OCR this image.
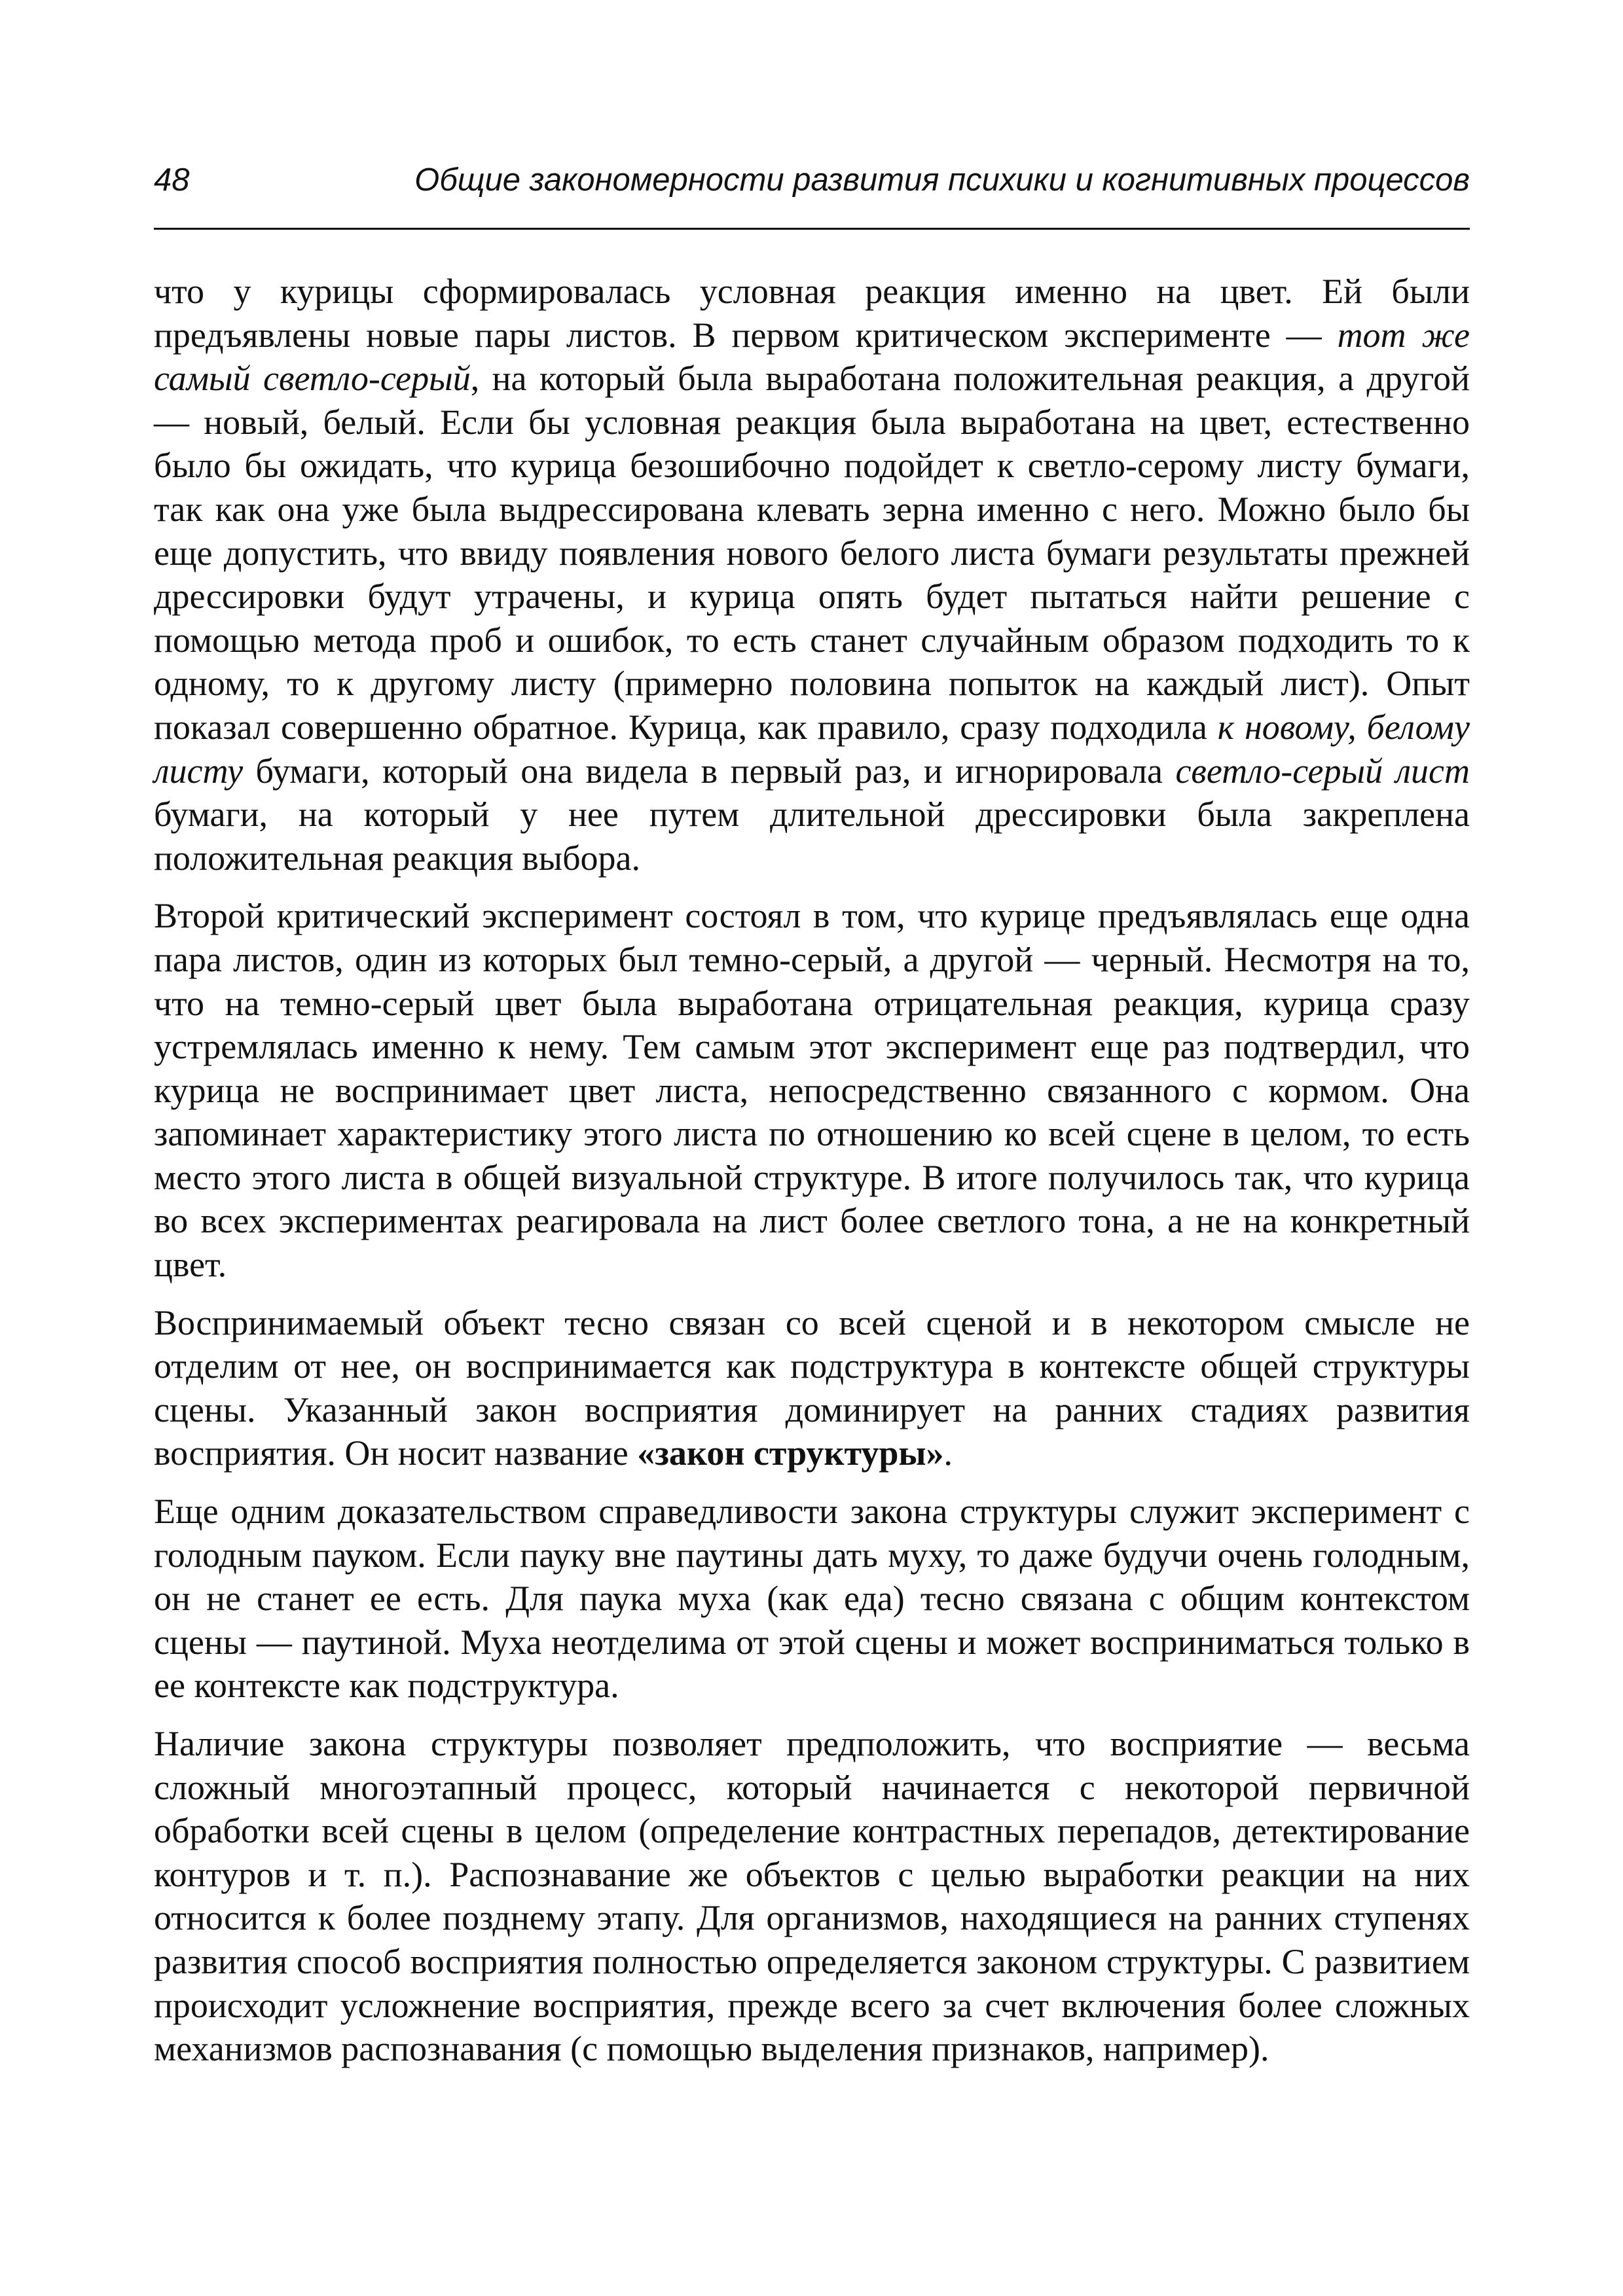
48	Общие закономерности развития психики и когнитивных процессов

что у курицы сформировалась условная реакция именно на цвет. Ей были предъявлены новые пары листов. В первом критическом эксперименте — тот же самый светло-серый, на который была выработана положительная реакция, а другой — новый, белый. Если бы условная реакция была выработана на цвет, естественно было бы ожидать, что курица безошибочно подойдет к светло-серому листу бумаги, так как она уже была выдрессирована клевать зерна именно с него. Можно было бы еще допустить, что ввиду появления нового белого листа бумаги результаты прежней дрессировки будут утрачены, и курица опять будет пытаться найти решение с помощью метода проб и ошибок, то есть станет случайным образом подходить то к одному, то к другому листу (примерно половина попыток на каждый лист). Опыт показал совершенно обратное. Курица, как правило, сразу подходила к новому, белому листу бумаги, который она видела в первый раз, и игнорировала светло-серый лист бумаги, на который у нее путем длительной дрессировки была закреплена положительная реакция выбора.

Второй критический эксперимент состоял в том, что курице предъявлялась еще одна пара листов, один из которых был темно-серый, а другой — черный. Несмотря на то, что на темно-серый цвет была выработана отрицательная реакция, курица сразу устремлялась именно к нему. Тем самым этот эксперимент еще раз подтвердил, что курица не воспринимает цвет листа, непосредственно связанного с кормом. Она запоминает характеристику этого листа по отношению ко всей сцене в целом, то есть место этого листа в общей визуальной структуре. В итоге получилось так, что курица во всех экспериментах реагировала на лист более светлого тона, а не на конкретный цвет.

Воспринимаемый объект тесно связан со всей сценой и в некотором смысле не отделим от нее, он воспринимается как подструктура в контексте общей структуры сцены. Указанный закон восприятия доминирует на ранних стадиях развития восприятия. Он носит название «закон структуры».

Еще одним доказательством справедливости закона структуры служит эксперимент с голодным пауком. Если пауку вне паутины дать муху, то даже будучи очень голодным, он не станет ее есть. Для паука муха (как еда) тесно связана с общим контекстом сцены — паутиной. Муха неотделима от этой сцены и может восприниматься только в ее контексте как подструктура.

Наличие закона структуры позволяет предположить, что восприятие — весьма сложный многоэтапный процесс, который начинается с некоторой первичной обработки всей сцены в целом (определение контрастных перепадов, детектирование контуров и т. п.). Распознавание же объектов с целью выработки реакции на них относится к более позднему этапу. Для организмов, находящиеся на ранних ступенях развития способ восприятия полностью определяется законом структуры. С развитием происходит усложнение восприятия, прежде всего за счет включения более сложных механизмов распознавания (с помощью выделения признаков, например).
